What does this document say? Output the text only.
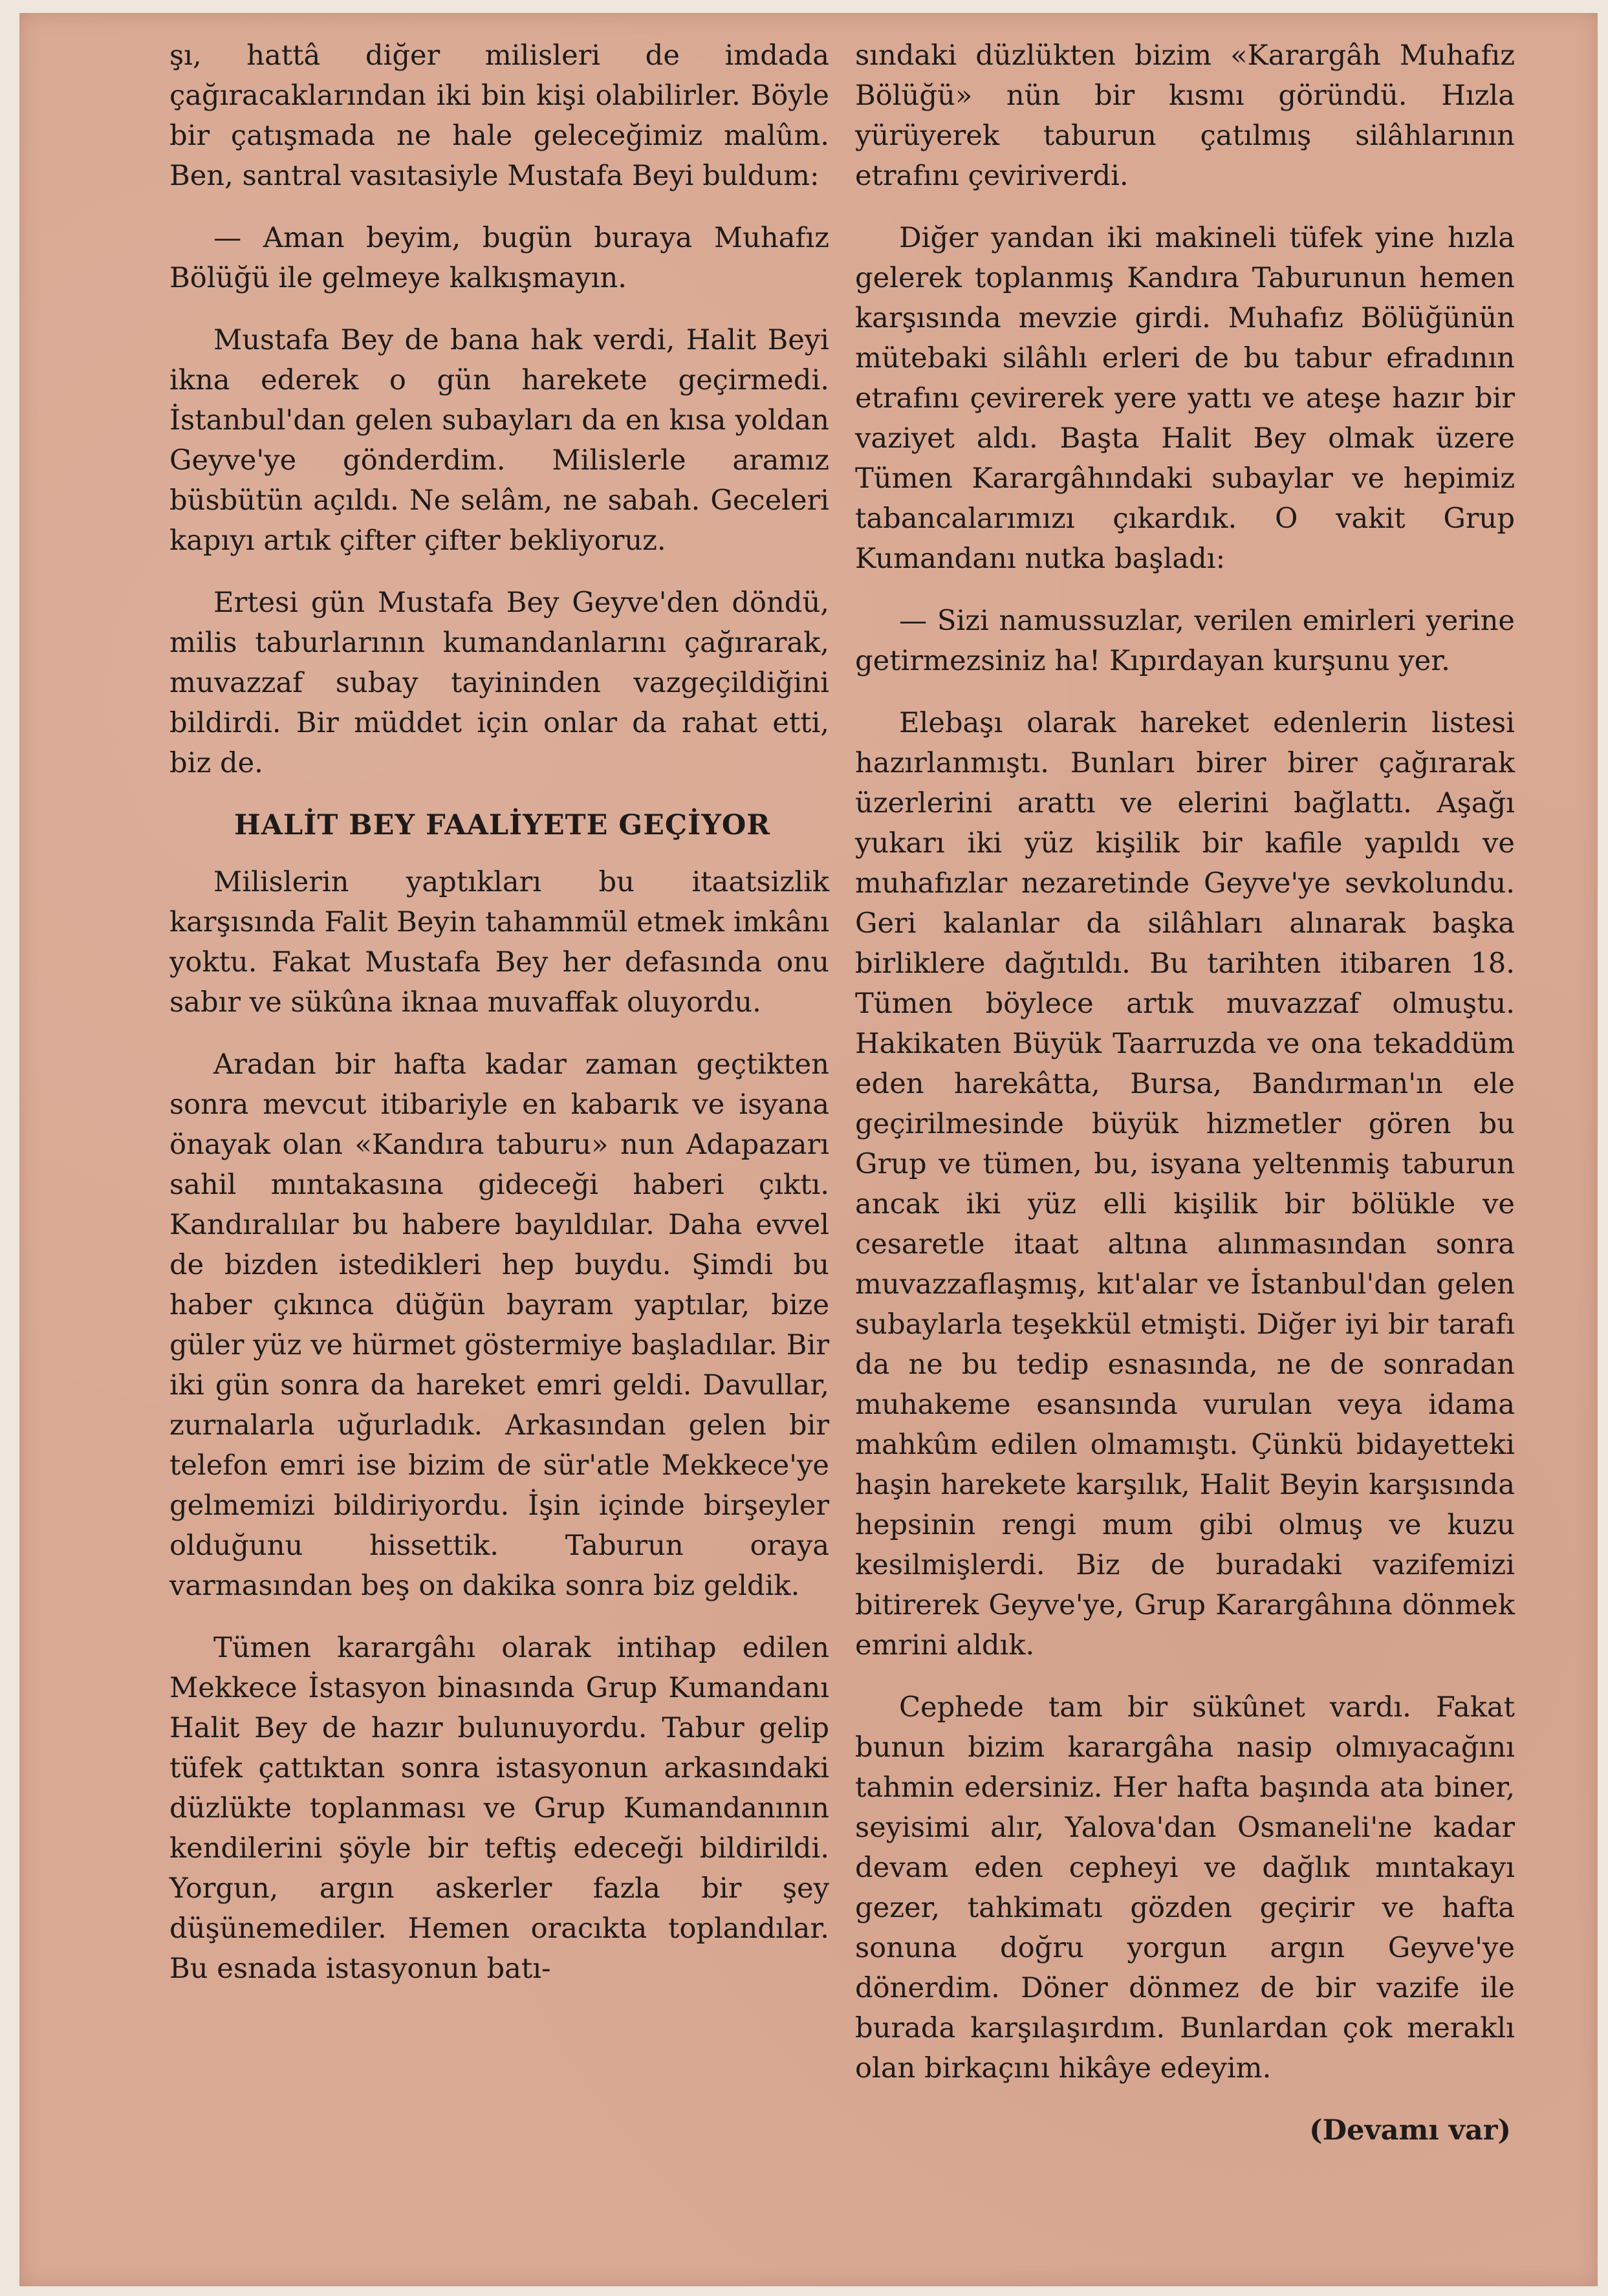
şı, hattâ diğer milisleri de imdada çağıracaklarından iki bin kişi olabilirler. Böyle bir çatışmada ne hale geleceğimiz malûm. Ben, santral vasıtasiyle Mustafa Beyi buldum:

— Aman beyim, bugün buraya Muhafız Bölüğü ile gelmeye kalkışmayın.

Mustafa Bey de bana hak verdi, Halit Beyi ikna ederek o gün harekete geçirmedi. İstanbul'dan gelen subayları da en kısa yoldan Geyve'ye gönderdim. Milislerle aramız büsbütün açıldı. Ne selâm, ne sabah. Geceleri kapıyı artık çifter çifter bekliyoruz.

Ertesi gün Mustafa Bey Geyve'den döndü, milis taburlarının kumandanlarını çağırarak, muvazzaf subay tayininden vazgeçildiğini bildirdi. Bir müddet için onlar da rahat etti, biz de.

HALİT BEY FAALİYETE GEÇİYOR

Milislerin yaptıkları bu itaatsizlik karşısında Falit Beyin tahammül etmek imkânı yoktu. Fakat Mustafa Bey her defasında onu sabır ve sükûna iknaa muvaffak oluyordu.

Aradan bir hafta kadar zaman geçtikten sonra mevcut itibariyle en kabarık ve isyana önayak olan «Kandıra taburu» nun Adapazarı sahil mıntakasına gideceği haberi çıktı. Kandıralılar bu habere bayıldılar. Daha evvel de bizden istedikleri hep buydu. Şimdi bu haber çıkınca düğün bayram yaptılar, bize güler yüz ve hürmet göstermiye başladılar. Bir iki gün sonra da hareket emri geldi. Davullar, zurnalarla uğurladık. Arkasından gelen bir telefon emri ise bizim de sür'atle Mekkece'ye gelmemizi bildiriyordu. İşin içinde birşeyler olduğunu hissettik. Taburun oraya varmasından beş on dakika sonra biz geldik.

Tümen karargâhı olarak intihap edilen Mekkece İstasyon binasında Grup Kumandanı Halit Bey de hazır bulunuyordu. Tabur gelip tüfek çattıktan sonra istasyonun arkasındaki düzlükte toplanması ve Grup Kumandanının kendilerini şöyle bir teftiş edeceği bildirildi. Yorgun, argın askerler fazla bir şey düşünemediler. Hemen oracıkta toplandılar. Bu esnada istasyonun batı-

sındaki düzlükten bizim «Karargâh Muhafız Bölüğü» nün bir kısmı göründü. Hızla yürüyerek taburun çatılmış silâhlarının etrafını çeviriverdi.

Diğer yandan iki makineli tüfek yine hızla gelerek toplanmış Kandıra Taburunun hemen karşısında mevzie girdi. Muhafız Bölüğünün mütebaki silâhlı erleri de bu tabur efradının etrafını çevirerek yere yattı ve ateşe hazır bir vaziyet aldı. Başta Halit Bey olmak üzere Tümen Karargâhındaki subaylar ve hepimiz tabancalarımızı çıkardık. O vakit Grup Kumandanı nutka başladı:

— Sizi namussuzlar, verilen emirleri yerine getirmezsiniz ha! Kıpırdayan kurşunu yer.

Elebaşı olarak hareket edenlerin listesi hazırlanmıştı. Bunları birer birer çağırarak üzerlerini arattı ve elerini bağlattı. Aşağı yukarı iki yüz kişilik bir kafile yapıldı ve muhafızlar nezaretinde Geyve'ye sevkolundu. Geri kalanlar da silâhları alınarak başka birliklere dağıtıldı. Bu tarihten itibaren 18. Tümen böylece artık muvazzaf olmuştu. Hakikaten Büyük Taarruzda ve ona tekaddüm eden harekâtta, Bursa, Bandırman'ın ele geçirilmesinde büyük hizmetler gören bu Grup ve tümen, bu, isyana yeltenmiş taburun ancak iki yüz elli kişilik bir bölükle ve cesaretle itaat altına alınmasından sonra muvazzaflaşmış, kıt'alar ve İstanbul'dan gelen subaylarla teşekkül etmişti. Diğer iyi bir tarafı da ne bu tedip esnasında, ne de sonradan muhakeme esansında vurulan veya idama mahkûm edilen olmamıştı. Çünkü bidayetteki haşin harekete karşılık, Halit Beyin karşısında hepsinin rengi mum gibi olmuş ve kuzu kesilmişlerdi. Biz de buradaki vazifemizi bitirerek Geyve'ye, Grup Karargâhına dönmek emrini aldık.

Cephede tam bir sükûnet vardı. Fakat bunun bizim karargâha nasip olmıyacağını tahmin edersiniz. Her hafta başında ata biner, seyisimi alır, Yalova'dan Osmaneli'ne kadar devam eden cepheyi ve dağlık mıntakayı gezer, tahkimatı gözden geçirir ve hafta sonuna doğru yorgun argın Geyve'ye dönerdim. Döner dönmez de bir vazife ile burada karşılaşırdım. Bunlardan çok meraklı olan birkaçını hikâye edeyim.

(Devamı var)
